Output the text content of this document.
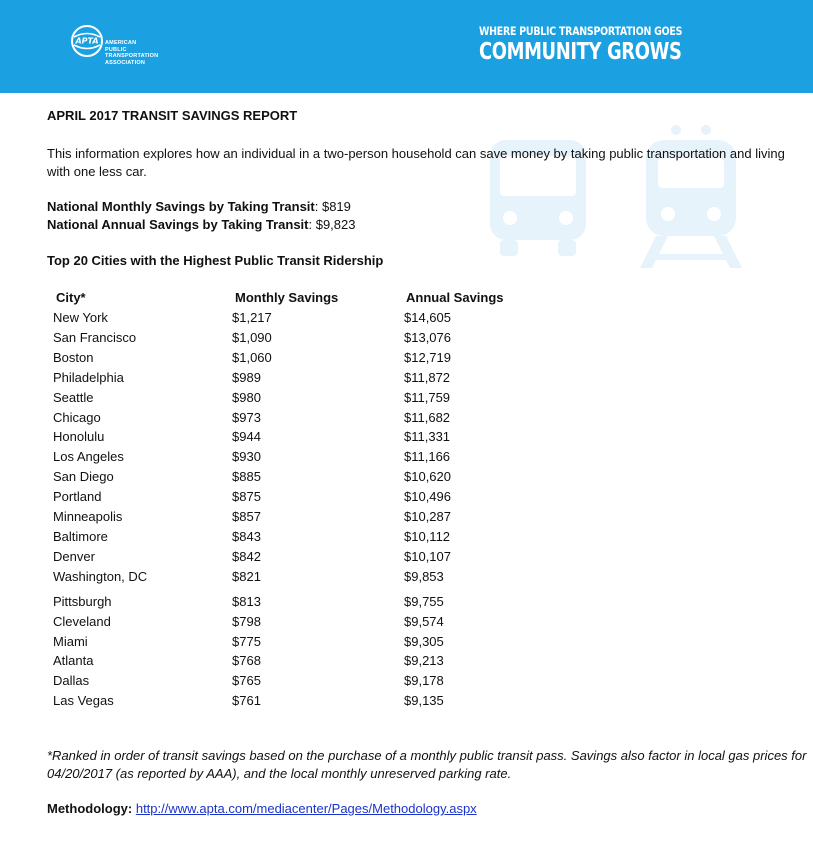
APTA AMERICAN
PUBLIC
TRANSPORTATION
ASSOCIATION
WHERE PUBLIC TRANSPORTATION GOES
COMMUNITY GROWS
APRIL 2017 TRANSIT SAVINGS REPORT
This information explores how an individual in a two-person household can save money by taking public transportation and living with one less car.
National Monthly Savings by Taking Transit: $819
National Annual Savings by Taking Transit: $9,823
Top 20 Cities with the Highest Public Transit Ridership
City*	Monthly Savings	Annual Savings
New York	$1,217	$14,605
San Francisco	$1,090	$13,076
Boston	$1,060	$12,719
Philadelphia	$989	$11,872
Seattle	$980	$11,759
Chicago	$973	$11,682
Honolulu	$944	$11,331
Los Angeles	$930	$11,166
San Diego	$885	$10,620
Portland	$875	$10,496
Minneapolis	$857	$10,287
Baltimore	$843	$10,112
Denver	$842	$10,107
Washington, DC	$821	$9,853
Pittsburgh	$813	$9,755
Cleveland	$798	$9,574
Miami	$775	$9,305
Atlanta	$768	$9,213
Dallas	$765	$9,178
Las Vegas	$761	$9,135
*Ranked in order of transit savings based on the purchase of a monthly public transit pass. Savings also factor in local gas prices for 04/20/2017 (as reported by AAA), and the local monthly unreserved parking rate.
Methodology: http://www.apta.com/mediacenter/Pages/Methodology.aspx
